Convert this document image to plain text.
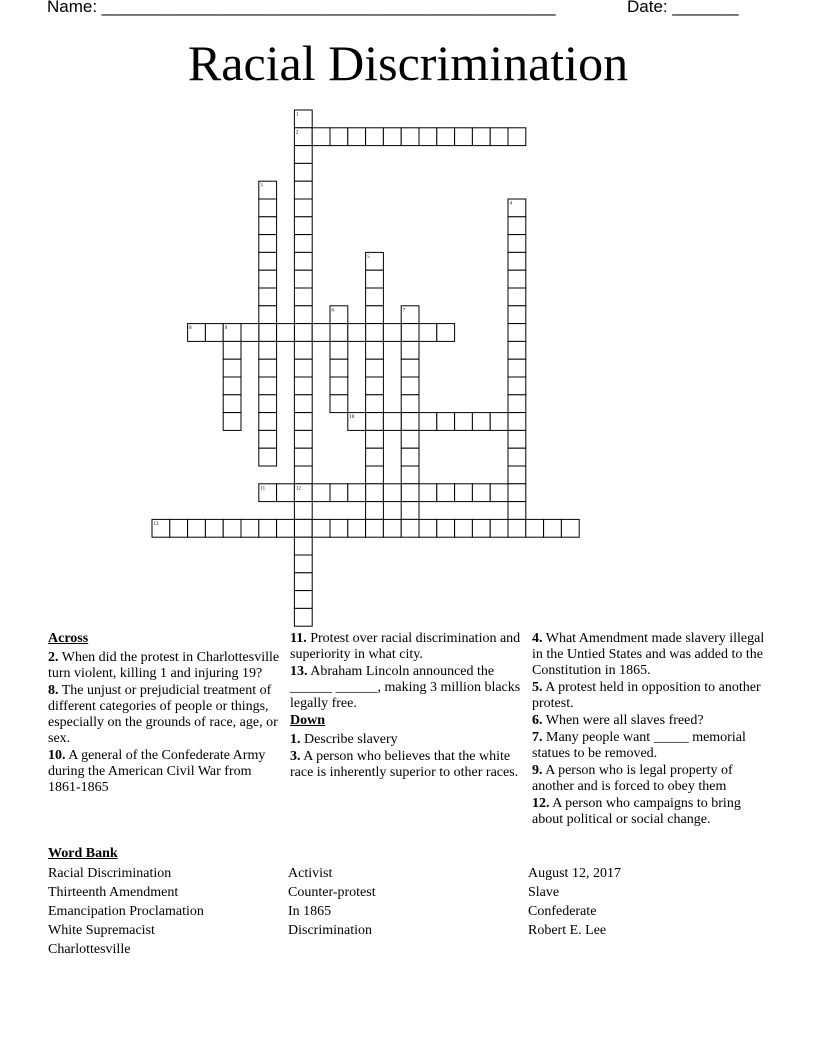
Name: ________________________________________________	Date: _______
Racial Discrimination
1
2
3
4
5
6	7
8	9
10
11	12
13
Across
2. When did the protest in Charlottesville turn violent, killing 1 and injuring 19?
8. The unjust or prejudicial treatment of different categories of people or things, especially on the grounds of race, age, or sex.
10. A general of the Confederate Army during the American Civil War from 1861-1865
11. Protest over racial discrimination and superiority in what city.
13. Abraham Lincoln announced the ______ ______, making 3 million blacks legally free.
Down
1. Describe slavery
3. A person who believes that the white race is inherently superior to other races.
4. What Amendment made slavery illegal in the Untied States and was added to the Constitution in 1865.
5. A protest held in opposition to another protest.
6. When were all slaves freed?
7. Many people want _____ memorial statues to be removed.
9. A person who is legal property of another and is forced to obey them
12. A person who campaigns to bring about political or social change.
Word Bank
Racial Discrimination
Thirteenth Amendment
Emancipation Proclamation
White Supremacist
Charlottesville
Activist
Counter-protest
In 1865
Discrimination
August 12, 2017
Slave
Confederate
Robert E. Lee
